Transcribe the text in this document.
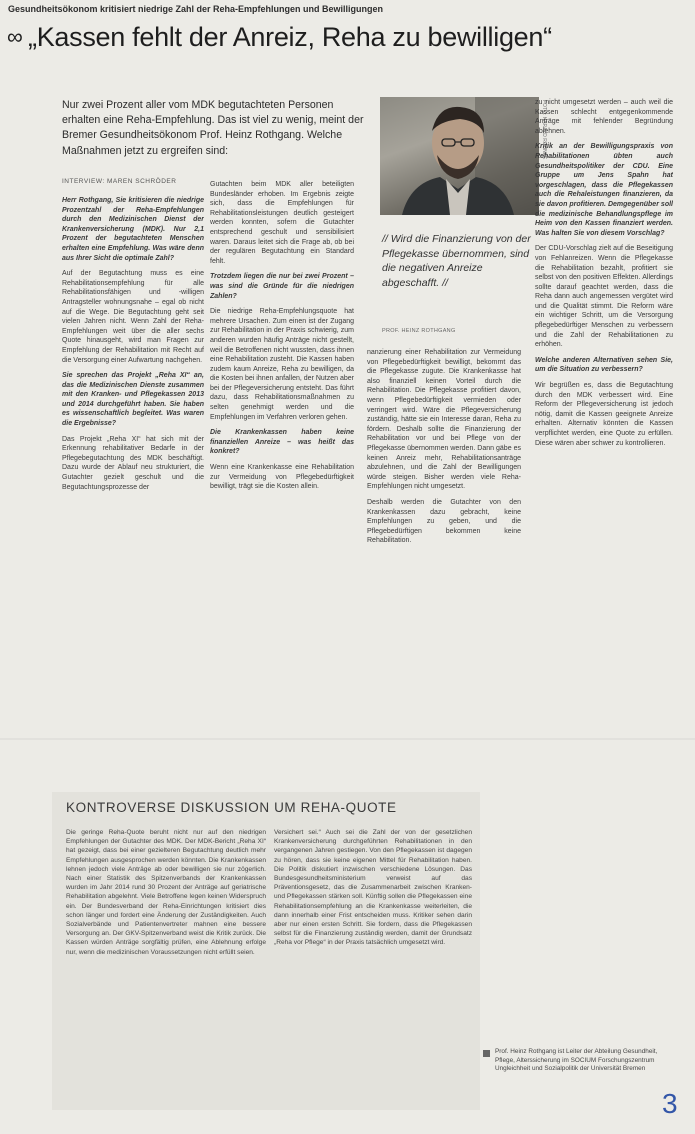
Gesundheitsökonom kritisiert niedrige Zahl der Reha-Empfehlungen und Bewilligungen
∞ „Kassen fehlt der Anreiz, Reha zu bewilligen“
Nur zwei Prozent aller vom MDK begutachteten Personen erhalten eine Reha-Empfehlung. Das ist viel zu wenig, meint der Bremer Gesundheitsökonom Prof. Heinz Rothgang. Welche Maßnahmen jetzt zu ergreifen sind:	FOTO: HARALD RUHNKE
// Wird die Finanzierung von der Pflegekasse übernommen, sind die negativen Anreize abgeschafft. //
PROF. HEINZ ROTHGANG
INTERVIEW: MAREN SCHRÖDER

Herr Rothgang, Sie kritisieren die niedrige Prozentzahl der Reha-Empfehlungen durch den Medizinischen Dienst der Krankenversicherung (MDK). Nur 2,1 Prozent der begutachteten Menschen erhalten eine Empfehlung. Was wäre denn aus Ihrer Sicht die optimale Zahl?

Auf der Begutachtung muss es eine Rehabilitationsempfehlung für alle Rehabilitationsfähigen und -willigen Antragsteller wohnungsnahe – egal ob nicht auf die Wege. Die Begutachtung geht seit vielen Jahren nicht. Wenn Zahl der Reha-Empfehlungen weit über die aller sechs Quote hinausgeht, wird man Fragen zur Empfehlung der Rehabilitation mit Recht auf die Versorgung einer Aufwartung nachgehen.

Sie sprechen das Projekt „Reha XI“ an, das die Medizinischen Dienste zusammen mit den Kranken- und Pflegekassen 2013 und 2014 durchgeführt haben. Sie haben es wissenschaftlich begleitet. Was waren die Ergebnisse?

Das Projekt „Reha XI“ hat sich mit der Erkennung rehabilitativer Bedarfe in der Pflegebegutachtung des MDK beschäftigt. Dazu wurde der Ablauf neu strukturiert, die Gutachter gezielt geschult und die Begutachtungsprozesse der

Gutachten beim MDK aller beteiligten Bundesländer erhoben. Im Ergebnis zeigte sich, dass die Empfehlungen für Rehabilitationsleistungen deutlich gesteigert werden konnten, sofern die Gutachter entsprechend geschult und sensibilisiert waren. Daraus leitet sich die Frage ab, ob bei der regulären Begutachtung ein Standard fehlt.

Trotzdem liegen die nur bei zwei Prozent – was sind die Gründe für die niedrigen Zahlen?

Die niedrige Reha-Empfehlungsquote hat mehrere Ursachen. Zum einen ist der Zugang zur Rehabilitation in der Praxis schwierig, zum anderen wurden häufig Anträge nicht gestellt, weil die Betroffenen nicht wussten, dass ihnen eine Rehabilitation zusteht. Die Kassen haben zudem kaum Anreize, Reha zu bewilligen, da die Kosten bei ihnen anfallen, der Nutzen aber bei der Pflegeversicherung entsteht. Das führt dazu, dass Rehabilitationsmaßnahmen zu selten genehmigt werden und die Empfehlungen im Verfahren verloren gehen.

Die Krankenkassen haben keine finanziellen Anreize – was heißt das konkret?

Wenn eine Krankenkasse eine Rehabilitation zur Vermeidung von Pflegebedürftigkeit bewilligt, trägt sie die Kosten allein.

nanzierung einer Rehabilitation zur Vermeidung von Pflegebedürftigkeit bewilligt, bekommt das die Pflegekasse zugute. Die Krankenkasse hat also finanziell keinen Vorteil durch die Rehabilitation. Die Pflegekasse profitiert davon, wenn Pflegebedürftigkeit vermieden oder verringert wird. Wäre die Pflegeversicherung zuständig, hätte sie ein Interesse daran, Reha zu fördern. Deshalb sollte die Finanzierung der Rehabilitation vor und bei Pflege von der Pflegekasse übernommen werden. Dann gäbe es keinen Anreiz mehr, Rehabilitationsanträge abzulehnen, und die Zahl der Bewilligungen würde steigen. Bisher werden viele Reha-Empfehlungen nicht umgesetzt.

Deshalb werden die Gutachter von den Krankenkassen dazu gebracht, keine Empfehlungen zu geben, und die Pflegebedürftigen bekommen keine Rehabilitation.

zu nicht umgesetzt werden – auch weil die Kassen schlecht entgegenkommende Anträge mit fehlender Begründung ablehnen.

Kritik an der Bewilligungspraxis von Rehabilitationen übten auch Gesundheitspolitiker der CDU. Eine Gruppe um Jens Spahn hat vorgeschlagen, dass die Pflegekassen auch die Rehaleistungen finanzieren, da sie davon profitieren. Demgegenüber soll die medizinische Behandlungspflege im Heim von den Kassen finanziert werden. Was halten Sie von diesem Vorschlag?

Der CDU-Vorschlag zielt auf die Beseitigung von Fehlanreizen. Wenn die Pflegekasse die Rehabilitation bezahlt, profitiert sie selbst von den positiven Effekten. Allerdings sollte darauf geachtet werden, dass die Reha dann auch angemessen vergütet wird und die Qualität stimmt. Die Reform wäre ein wichtiger Schritt, um die Versorgung pflegebedürftiger Menschen zu verbessern und die Zahl der Rehabilitationen zu erhöhen.

Welche anderen Alternativen sehen Sie, um die Situation zu verbessern?

Wir begrüßen es, dass die Begutachtung durch den MDK verbessert wird. Eine Reform der Pflegeversicherung ist jedoch nötig, damit die Kassen geeignete Anreize erhalten. Alternativ könnten die Kassen verpflichtet werden, eine Quote zu erfüllen. Diese wären aber schwer zu kontrollieren.

KONTROVERSE DISKUSSION UM REHA-QUOTE
Die geringe Reha-Quote beruht nicht nur auf den niedrigen Empfehlungen der Gutachter des MDK. Der MDK-Bericht „Reha XI“ hat gezeigt, dass bei einer gezielteren Begutachtung deutlich mehr Empfehlungen ausgesprochen werden könnten. Die Krankenkassen lehnen jedoch viele Anträge ab oder bewilligen sie nur zögerlich. Nach einer Statistik des Spitzenverbands der Krankenkassen wurden im Jahr 2014 rund 30 Prozent der Anträge auf geriatrische Rehabilitation abgelehnt. Viele Betroffene legen keinen Widerspruch ein. Der Bundesverband der Reha-Einrichtungen kritisiert dies schon länger und fordert eine Änderung der Zuständigkeiten. Auch Sozialverbände und Patientenvertreter mahnen eine bessere Versorgung an. Der GKV-Spitzenverband weist die Kritik zurück. Die Kassen würden Anträge sorgfältig prüfen, eine Ablehnung erfolge nur, wenn die medizinischen Voraussetzungen nicht erfüllt seien.
Versichert sei.“ Auch sei die Zahl der von der gesetzlichen Krankenversicherung durchgeführten Rehabilitationen in den vergangenen Jahren gestiegen. Von den Pflegekassen ist dagegen zu hören, dass sie keine eigenen Mittel für Rehabilitation haben. Die Politik diskutiert inzwischen verschiedene Lösungen. Das Bundesgesundheitsministerium verweist auf das Präventionsgesetz, das die Zusammenarbeit zwischen Kranken- und Pflegekassen stärken soll. Künftig sollen die Pflegekassen eine Rehabilitationsempfehlung an die Krankenkasse weiterleiten, die dann innerhalb einer Frist entscheiden muss. Kritiker sehen darin aber nur einen ersten Schritt. Sie fordern, dass die Pflegekassen selbst für die Finanzierung zuständig werden, damit der Grundsatz „Reha vor Pflege“ in der Praxis tatsächlich umgesetzt wird.
Prof. Heinz Rothgang ist Leiter der Abteilung Gesundheit, Pflege, Alterssicherung im SOCIUM Forschungszentrum Ungleichheit und Sozialpolitik der Universität Bremen
3
